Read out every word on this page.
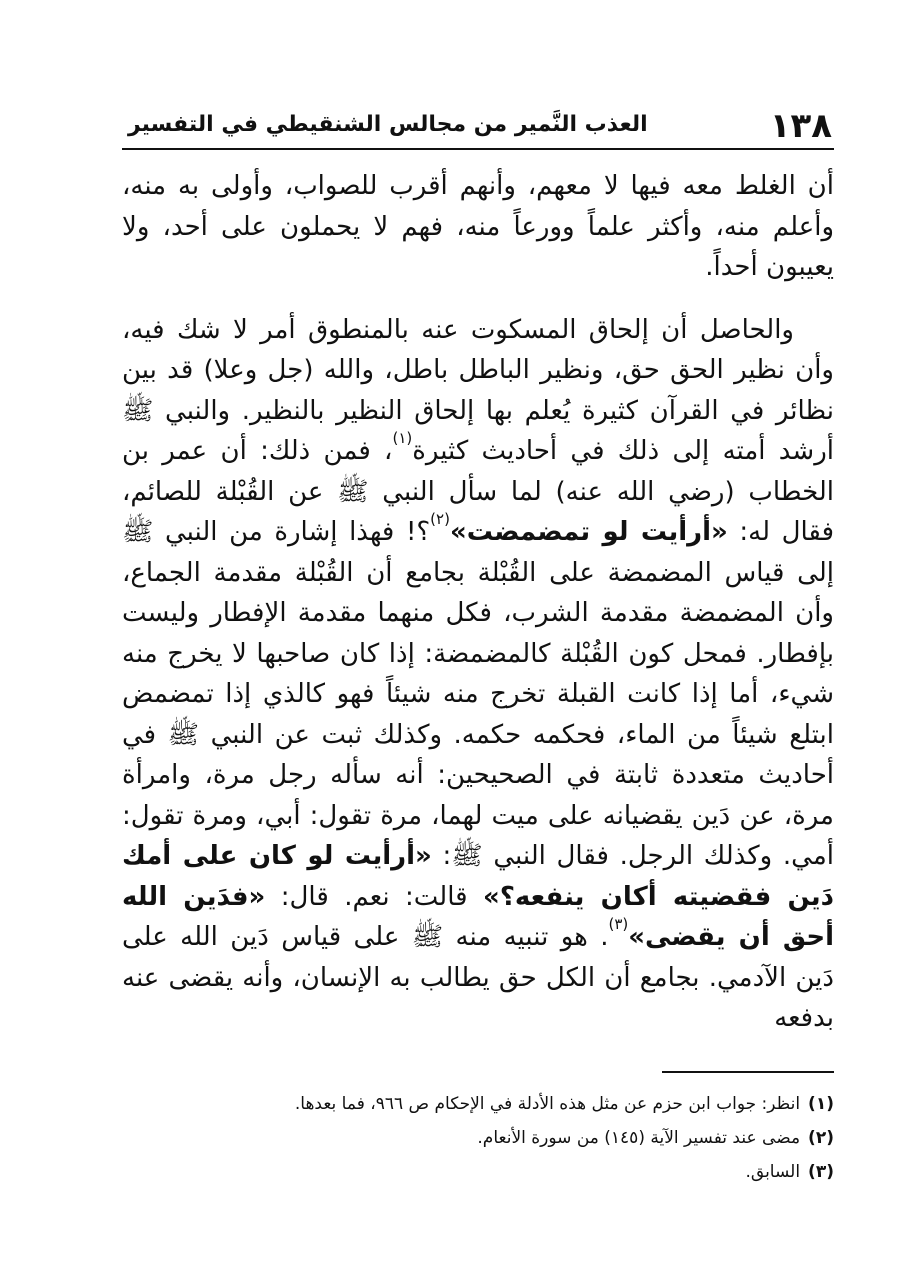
١٣٨
العذب النَّمير من مجالس الشنقيطي في التفسير

أن الغلط معه فيها لا معهم، وأنهم أقرب للصواب، وأولى به منه، وأعلم منه، وأكثر علماً وورعاً منه، فهم لا يحملون على أحد، ولا يعيبون أحداً.

والحاصل أن إلحاق المسكوت عنه بالمنطوق أمر لا شك فيه، وأن نظير الحق حق، ونظير الباطل باطل، والله (جل وعلا) قد بين نظائر في القرآن كثيرة يُعلم بها إلحاق النظير بالنظير. والنبي ﷺ أرشد أمته إلى ذلك في أحاديث كثيرة$^{(١)}$، فمن ذلك: أن عمر بن الخطاب (رضي الله عنه) لما سأل النبي ﷺ عن القُبْلة للصائم، فقال له: «أرأيت لو تمضمضت»$^{(٢)}$؟! فهذا إشارة من النبي ﷺ إلى قياس المضمضة على القُبْلة بجامع أن القُبْلة مقدمة الجماع، وأن المضمضة مقدمة الشرب، فكل منهما مقدمة الإفطار وليست بإفطار. فمحل كون القُبْلة كالمضمضة: إذا كان صاحبها لا يخرج منه شيء، أما إذا كانت القبلة تخرج منه شيئاً فهو كالذي إذا تمضمض ابتلع شيئاً من الماء، فحكمه حكمه. وكذلك ثبت عن النبي ﷺ في أحاديث متعددة ثابتة في الصحيحين: أنه سأله رجل مرة، وامرأة مرة، عن دَين يقضيانه على ميت لهما، مرة تقول: أبي، ومرة تقول: أمي. وكذلك الرجل. فقال النبي ﷺ: «أرأيت لو كان على أمك دَين فقضيته أكان ينفعه؟» قالت: نعم. قال: «فدَين الله أحق أن يقضى»$^{(٣)}$. هو تنبيه منه ﷺ على قياس دَين الله على دَين الآدمي. بجامع أن الكل حق يطالب به الإنسان، وأنه يقضى عنه بدفعه

(١)انظر: جواب ابن حزم عن مثل هذه الأدلة في الإحكام ص ٩٦٦، فما بعدها.
(٢)مضى عند تفسير الآية (١٤٥) من سورة الأنعام.
(٣)السابق.
